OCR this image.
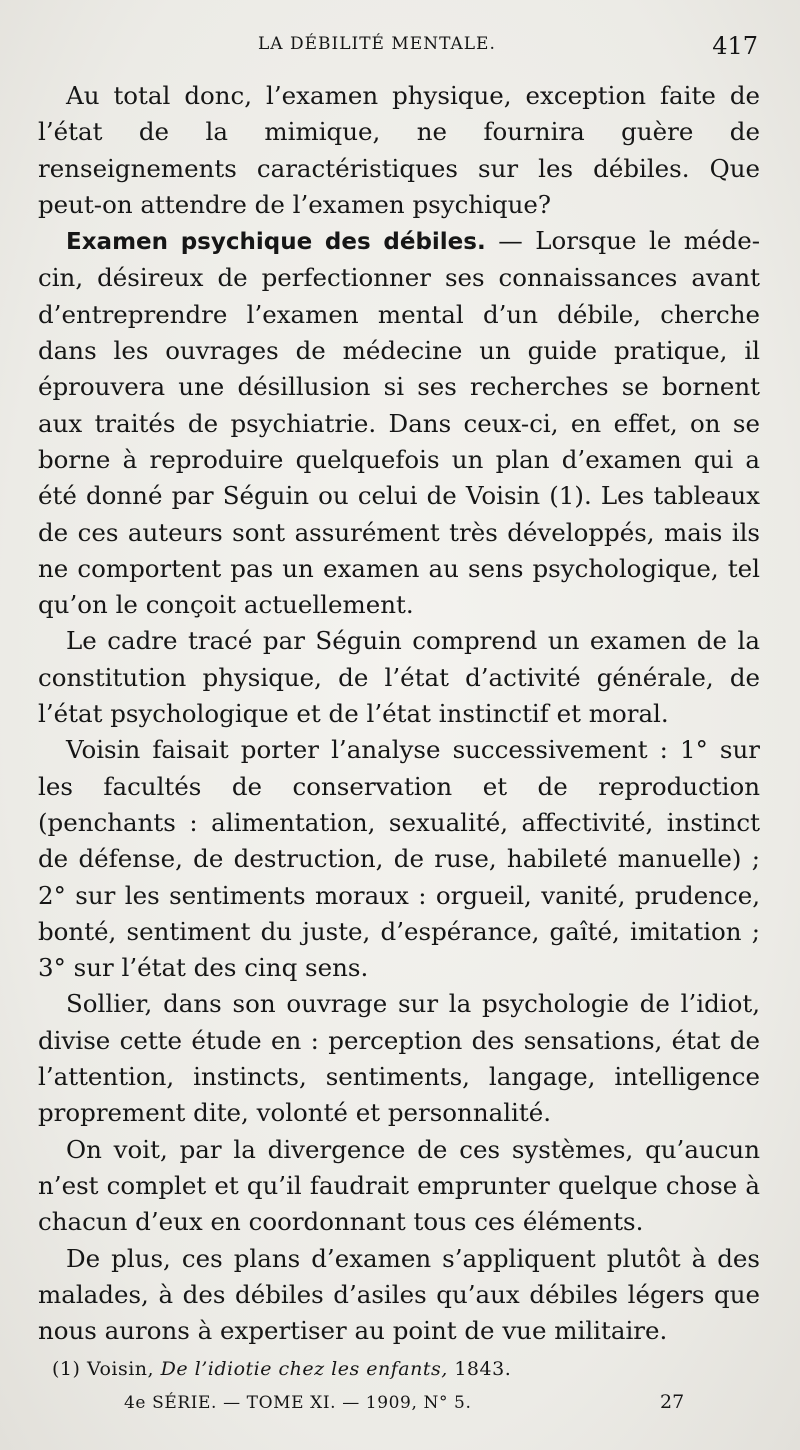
LA DÉBILITÉ MENTALE.	417

Au total donc, l’examen physique, exception faite de l’état de la mimique, ne fournira guère de renseignements caractéristiques sur les débiles. Que peut-on attendre de l’examen psychique?

Examen psychique des débiles. — Lorsque le médecin, désireux de perfectionner ses connaissances avant d’entreprendre l’examen mental d’un débile, cherche dans les ouvrages de médecine un guide pratique, il éprouvera une désillusion si ses recherches se bornent aux traités de psychiatrie. Dans ceux-ci, en effet, on se borne à reproduire quelquefois un plan d’examen qui a été donné par Séguin ou celui de Voisin (1). Les tableaux de ces auteurs sont assurément très développés, mais ils ne comportent pas un examen au sens psychologique, tel qu’on le conçoit actuellement.

Le cadre tracé par Séguin comprend un examen de la constitution physique, de l’état d’activité générale, de l’état psychologique et de l’état instinctif et moral.

Voisin faisait porter l’analyse successivement : 1° sur les facultés de conservation et de reproduction (penchants : alimentation, sexualité, affectivité, instinct de défense, de destruction, de ruse, habileté manuelle) ; 2° sur les sentiments moraux : orgueil, vanité, prudence, bonté, sentiment du juste, d’espérance, gaîté, imitation ; 3° sur l’état des cinq sens.

Sollier, dans son ouvrage sur la psychologie de l’idiot, divise cette étude en : perception des sensations, état de l’attention, instincts, sentiments, langage, intelligence proprement dite, volonté et personnalité.

On voit, par la divergence de ces systèmes, qu’aucun n’est complet et qu’il faudrait emprunter quelque chose à chacun d’eux en coordonnant tous ces éléments.

De plus, ces plans d’examen s’appliquent plutôt à des malades, à des débiles d’asiles qu’aux débiles légers que nous aurons à expertiser au point de vue militaire.

(1) Voisin, De l’idiotie chez les enfants, 1843.
4e SÉRIE. — TOME XI. — 1909, N° 5.	27
